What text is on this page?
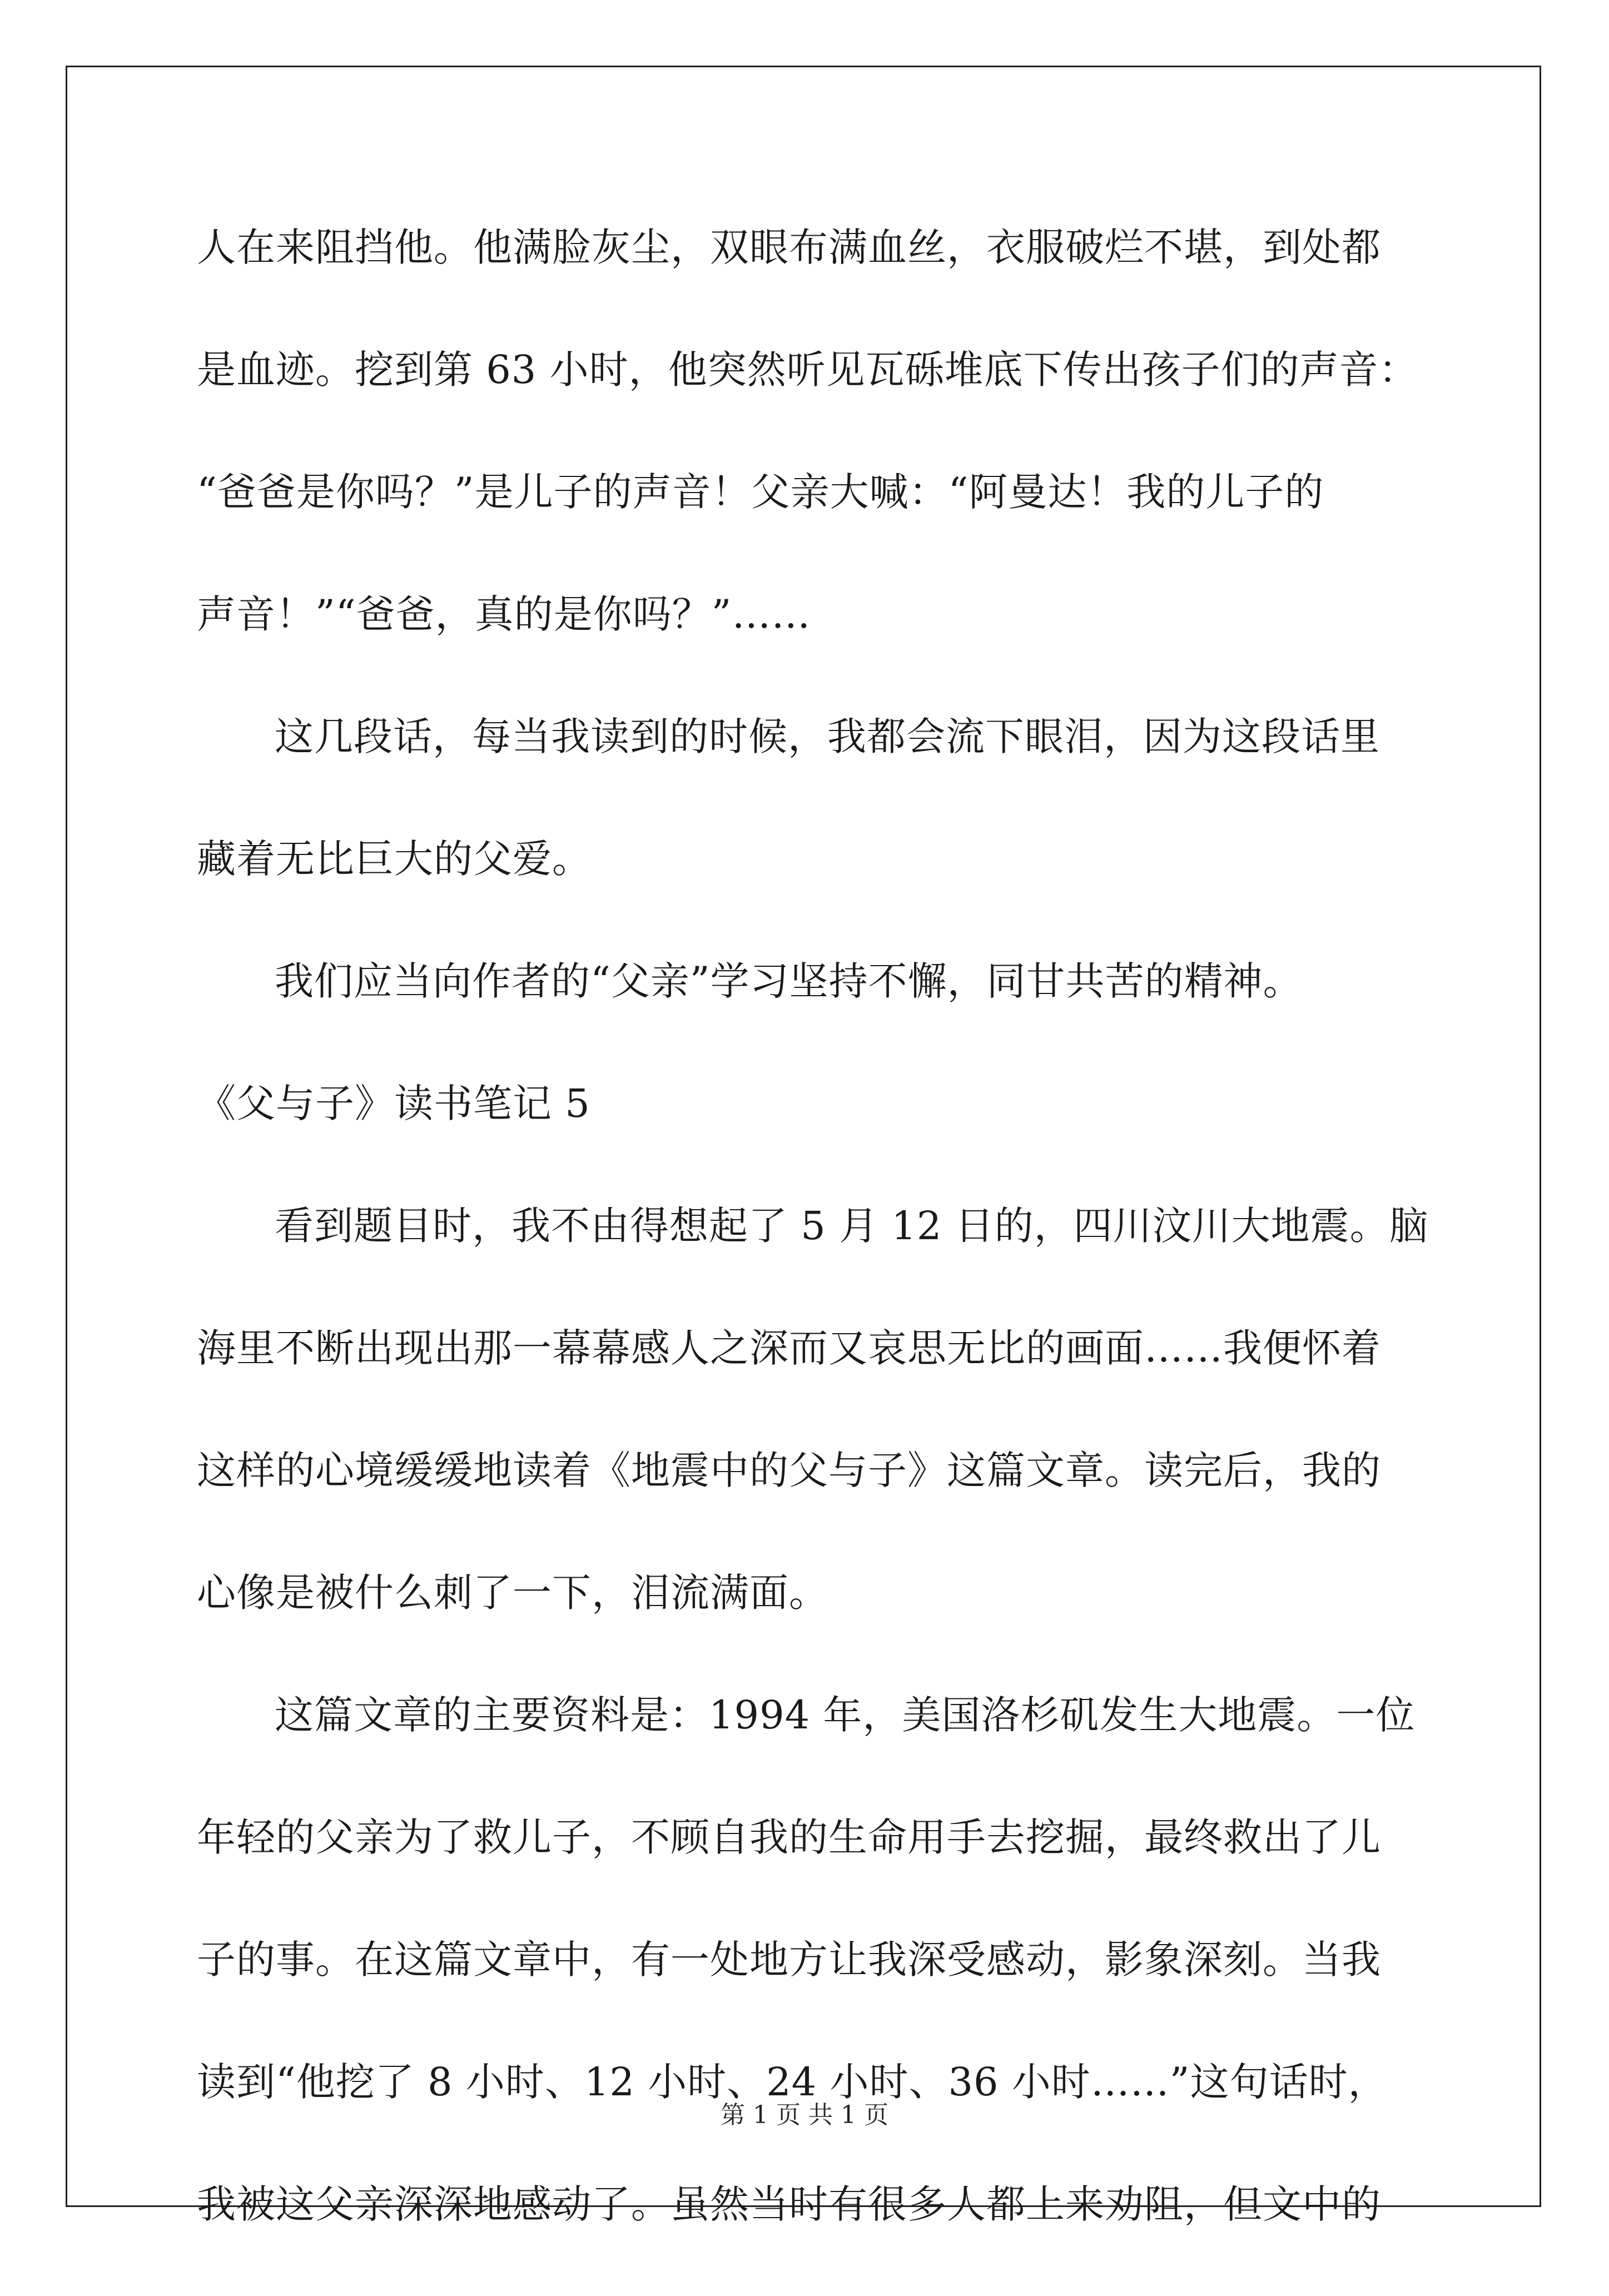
人在来阻挡他。他满脸灰尘，双眼布满血丝，衣服破烂不堪，到处都
是血迹。挖到第 63 小时，他突然听见瓦砾堆底下传出孩子们的声音：
“爸爸是你吗？”是儿子的声音！父亲大喊：“阿曼达！我的儿子的
声音！”“爸爸，真的是你吗？”……
这几段话，每当我读到的时候，我都会流下眼泪，因为这段话里
藏着无比巨大的父爱。
我们应当向作者的“父亲”学习坚持不懈，同甘共苦的精神。
《父与子》读书笔记 5
看到题目时，我不由得想起了 5 月 12 日的，四川汶川大地震。脑
海里不断出现出那一幕幕感人之深而又哀思无比的画面……我便怀着
这样的心境缓缓地读着《地震中的父与子》这篇文章。读完后，我的
心像是被什么刺了一下，泪流满面。
这篇文章的主要资料是：1994 年，美国洛杉矶发生大地震。一位
年轻的父亲为了救儿子，不顾自我的生命用手去挖掘，最终救出了儿
子的事。在这篇文章中，有一处地方让我深受感动，影象深刻。当我
读到“他挖了 8 小时、12 小时、24 小时、36 小时……”这句话时，
我被这父亲深深地感动了。虽然当时有很多人都上来劝阻，但文中的
第 1 页 共 1 页
